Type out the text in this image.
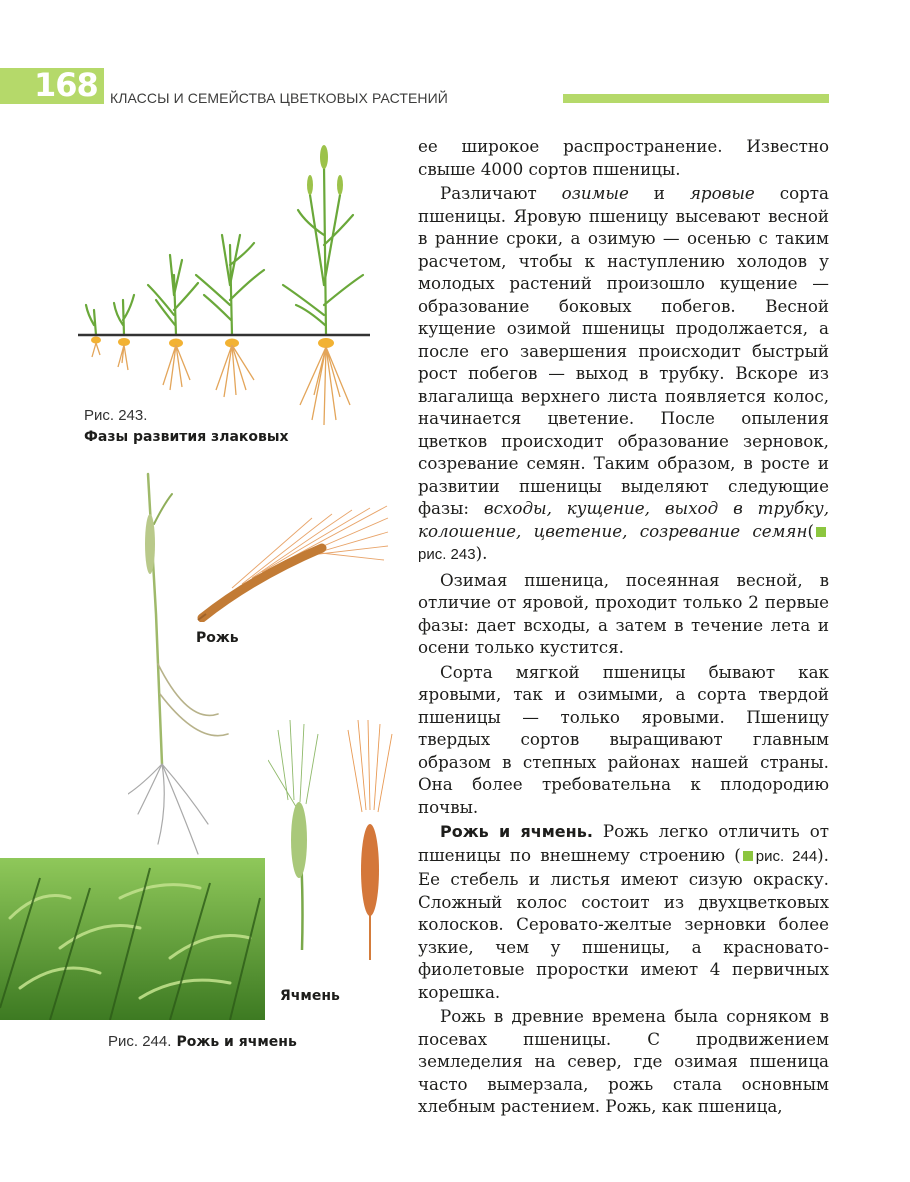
168 КЛАССЫ И СЕМЕЙСТВА ЦВЕТКОВЫХ РАСТЕНИЙ
Рис. 243.
Фазы развития злаковых
Рожь
Ячмень
Рис. 244. Рожь и ячмень

ее широкое распространение. Известно свыше 4000 сортов пшеницы.

Различают озимые и яровые сорта пшеницы. Яровую пшеницу высевают весной в ранние сроки, а озимую — осенью с таким расчетом, чтобы к наступлению холодов у молодых растений произошло кущение — образование боковых побегов. Весной кущение озимой пшеницы продолжается, а после его завершения происходит быстрый рост побегов — выход в трубку. Вскоре из влагалища верхнего листа появляется колос, начинается цветение. После опыления цветков происходит образование зерновок, созревание семян. Таким образом, в росте и развитии пшеницы выделяют следующие фазы: всходы, кущение, выход в трубку, колошение, цветение, созревание семян(рис. 243).

Озимая пшеница, посеянная весной, в отличие от яровой, проходит только 2 первые фазы: дает всходы, а затем в течение лета и осени только кустится.

Сорта мягкой пшеницы бывают как яровыми, так и озимыми, а сорта твердой пшеницы — только яровыми. Пшеницу твердых сортов выращивают главным образом в степных районах нашей страны. Она более требовательна к плодородию почвы.

Рожь и ячмень. Рожь легко отличить от пшеницы по внешнему строению ( рис. 244). Ее стебель и листья имеют сизую окраску. Сложный колос состоит из двухцветковых колосков. Серовато-желтые зерновки более узкие, чем у пшеницы, а красновато-фиолетовые проростки имеют 4 первичных корешка.

Рожь в древние времена была сорняком в посевах пшеницы. С продвижением земледелия на север, где озимая пшеница часто вымерзала, рожь стала основным хлебным растением. Рожь, как пшеница,
